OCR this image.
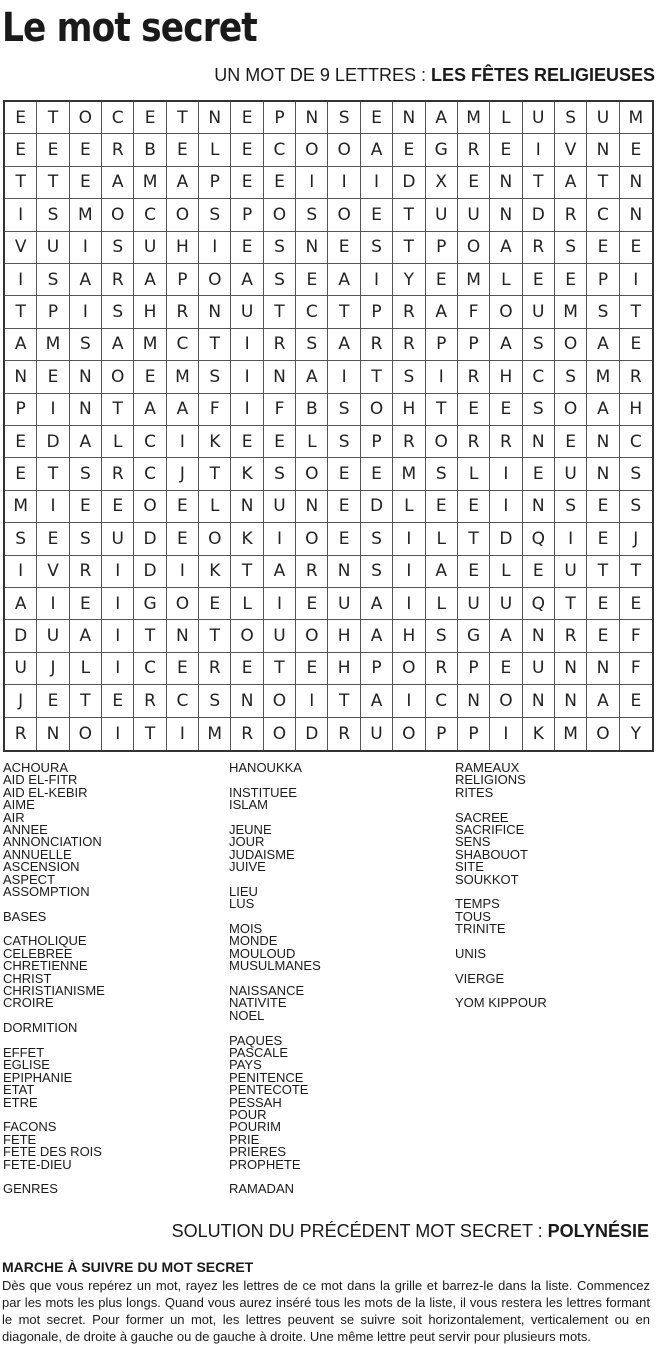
Le mot secret
UN MOT DE 9 LETTRES : LES FÊTES RELIGIEUSES
E	T	O	C	E	T	N	E	P	N	S	E	N	A	M	L	U	S	U	M
E	E	E	R	B	E	L	E	C	O	O	A	E	G	R	E	I	V	N	E
T	T	E	A	M	A	P	E	E	I	I	I	D	X	E	N	T	A	T	N
I	S	M	O	C	O	S	P	O	S	O	E	T	U	U	N	D	R	C	N
V	U	I	S	U	H	I	E	S	N	E	S	T	P	O	A	R	S	E	E
I	S	A	R	A	P	O	A	S	E	A	I	Y	E	M	L	E	E	P	I
T	P	I	S	H	R	N	U	T	C	T	P	R	A	F	O	U	M	S	T
A	M	S	A	M	C	T	I	R	S	A	R	R	P	P	A	S	O	A	E
N	E	N	O	E	M	S	I	N	A	I	T	S	I	R	H	C	S	M	R
P	I	N	T	A	A	F	I	F	B	S	O	H	T	E	E	S	O	A	H
E	D	A	L	C	I	K	E	E	L	S	P	R	O	R	R	N	E	N	C
E	T	S	R	C	J	T	K	S	O	E	E	M	S	L	I	E	U	N	S
M	I	E	E	O	E	L	N	U	N	E	D	L	E	E	I	N	S	E	S
S	E	S	U	D	E	O	K	I	O	E	S	I	L	T	D	Q	I	E	J
I	V	R	I	D	I	K	T	A	R	N	S	I	A	E	L	E	U	T	T
A	I	E	I	G	O	E	L	I	E	U	A	I	L	U	U	Q	T	E	E
D	U	A	I	T	N	T	O	U	O	H	A	H	S	G	A	N	R	E	F
U	J	L	I	C	E	R	E	T	E	H	P	O	R	P	E	U	N	N	F
J	E	T	E	R	C	S	N	O	I	T	A	I	C	N	O	N	N	A	E
R	N	O	I	T	I	M	R	O	D	R	U	O	P	P	I	K	M	O	Y
ACHOURA
AID EL-FITR
AID EL-KEBIR
AIME
AIR
ANNEE
ANNONCIATION
ANNUELLE
ASCENSION
ASPECT
ASSOMPTION
BASES
CATHOLIQUE
CELEBREE
CHRETIENNE
CHRIST
CHRISTIANISME
CROIRE
DORMITION
EFFET
EGLISE
EPIPHANIE
ETAT
ETRE
FACONS
FETE
FETE DES ROIS
FETE-DIEU
GENRES
HANOUKKA
INSTITUEE
ISLAM
JEUNE
JOUR
JUDAISME
JUIVE
LIEU
LUS
MOIS
MONDE
MOULOUD
MUSULMANES
NAISSANCE
NATIVITE
NOEL
PAQUES
PASCALE
PAYS
PENITENCE
PENTECOTE
PESSAH
POUR
POURIM
PRIE
PRIERES
PROPHETE
RAMADAN
RAMEAUX
RELIGIONS
RITES
SACREE
SACRIFICE
SENS
SHABOUOT
SITE
SOUKKOT
TEMPS
TOUS
TRINITE
UNIS
VIERGE
YOM KIPPOUR
SOLUTION DU PRÉCÉDENT MOT SECRET : POLYNÉSIE
MARCHE À SUIVRE DU MOT SECRET
Dès que vous repérez un mot, rayez les lettres de ce mot dans la grille et barrez-le dans la liste. Commencez par les mots les plus longs. Quand vous aurez inséré tous les mots de la liste, il vous restera les lettres formant le mot secret. Pour former un mot, les lettres peuvent se suivre soit horizontalement, verticalement ou en diagonale, de droite à gauche ou de gauche à droite. Une même lettre peut servir pour plusieurs mots.
